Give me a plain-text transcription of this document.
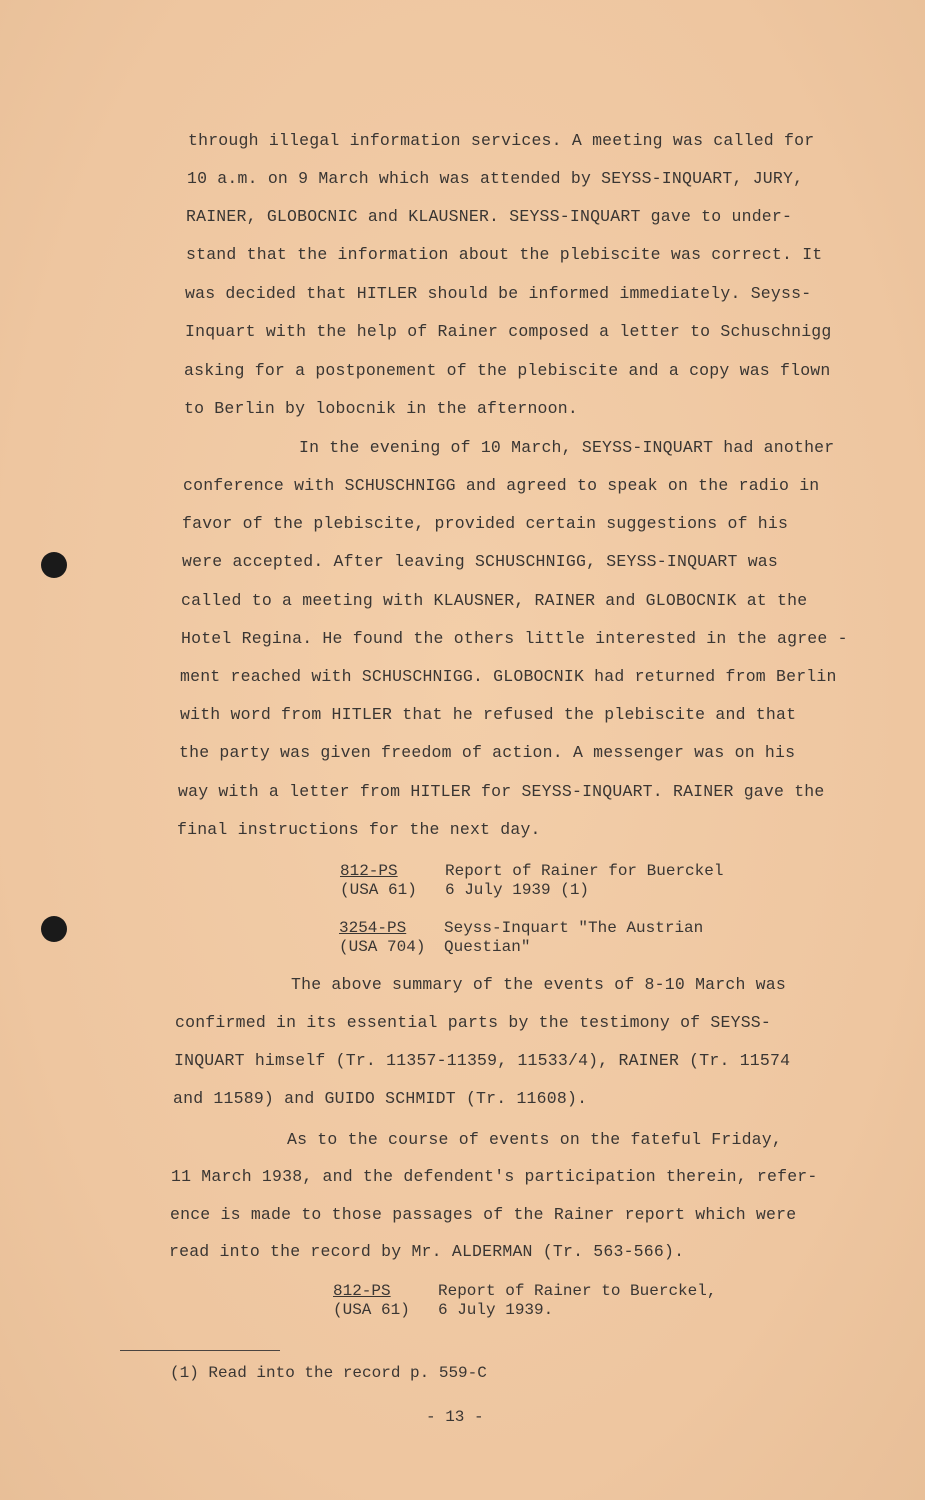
through illegal information services. A meeting was called for
10 a.m. on 9 March which was attended by SEYSS-INQUART, JURY,
RAINER, GLOBOCNIC and KLAUSNER. SEYSS-INQUART gave to under-
stand that the information about the plebiscite was correct. It
was decided that HITLER should be informed immediately. Seyss-
Inquart with the help of Rainer composed a letter to Schuschnigg
asking for a postponement of the plebiscite and a copy was flown
to Berlin by lobocnik in the afternoon.
In the evening of 10 March, SEYSS-INQUART had another
conference with SCHUSCHNIGG and agreed to speak on the radio in
favor of the plebiscite, provided certain suggestions of his
were accepted. After leaving SCHUSCHNIGG, SEYSS-INQUART was
called to a meeting with KLAUSNER, RAINER and GLOBOCNIK at the
Hotel Regina. He found the others little interested in the agree -
ment reached with SCHUSCHNIGG. GLOBOCNIK had returned from Berlin
with word from HITLER that he refused the plebiscite and that
the party was given freedom of action. A messenger was on his
way with a letter from HITLER for SEYSS-INQUART. RAINER gave the
final instructions for the next day.
812-PS
(USA 61)
Report of Rainer for Buerckel
6 July 1939 (1)
3254-PS
(USA 704)
Seyss-Inquart "The Austrian
Questian"
The above summary of the events of 8-10 March was
confirmed in its essential parts by the testimony of SEYSS-
INQUART himself (Tr. 11357-11359, 11533/4), RAINER (Tr. 11574
and 11589) and GUIDO SCHMIDT (Tr. 11608).
As to the course of events on the fateful Friday,
11 March 1938, and the defendent's participation therein, refer-
ence is made to those passages of the Rainer report which were
read into the record by Mr. ALDERMAN (Tr. 563-566).
812-PS
(USA 61)
Report of Rainer to Buerckel,
6 July 1939.
(1) Read into the record p. 559-C
- 13 -
